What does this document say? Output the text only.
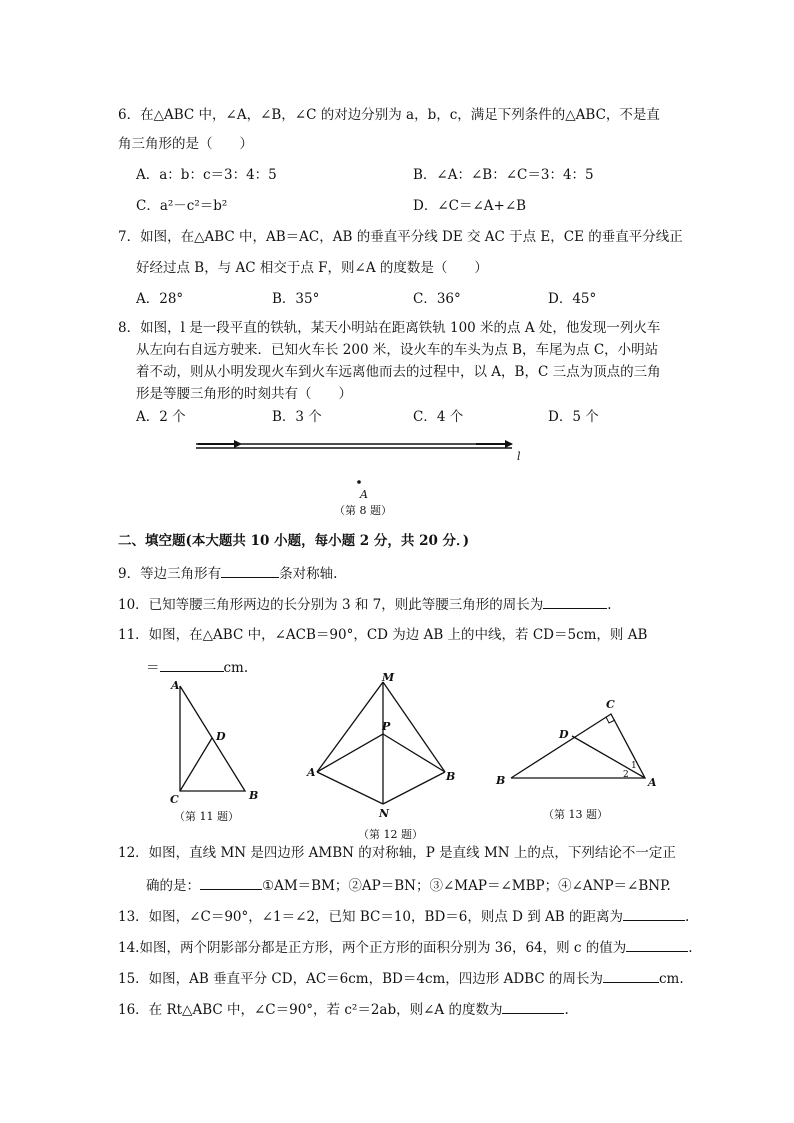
6．在△ABC 中，∠A，∠B，∠C 的对边分别为 a，b，c，满足下列条件的△ABC，不是直
角三角形的是（　　）
A．a：b：c＝3：4：5	B．∠A：∠B：∠C＝3：4：5
C．a²－c²＝b²	D．∠C＝∠A+∠B
7．如图，在△ABC 中，AB＝AC，AB 的垂直平分线 DE 交 AC 于点 E，CE 的垂直平分线正
好经过点 B，与 AC 相交于点 F，则∠A 的度数是（　　）
A．28°	B．35°	C．36°	D．45°
8．如图，l 是一段平直的铁轨，某天小明站在距离铁轨 100 米的点 A 处，他发现一列火车
从左向右自远方驶来．已知火车长 200 米，设火车的车头为点 B，车尾为点 C，小明站
着不动，则从小明发现火车到火车远离他而去的过程中，以 A，B，C 三点为顶点的三角
形是等腰三角形的时刻共有（　　）
A．2 个	B．3 个	C．4 个	D．5 个
l
A
（第 8 题）
二、填空题(本大题共 10 小题，每小题 2 分，共 20 分．)
9．等边三角形有	条对称轴.
10．已知等腰三角形两边的长分别为 3 和 7，则此等腰三角形的周长为	.
11．如图，在△ABC 中，∠ACB＝90°，CD 为边 AB 上的中线，若 CD＝5cm，则 AB
＝	cm.
A
D
C	B
（第 11 题）
M
P
A	B
N
（第 12 题）
C
D
B	A
1
2
（第 13 题）
12．如图，直线 MN 是四边形 AMBN 的对称轴，P 是直线 MN 上的点，下列结论不一定正
确的是：	①AM＝BM；②AP＝BN；③∠MAP＝∠MBP；④∠ANP＝∠BNP.
13．如图，∠C＝90°，∠1＝∠2，已知 BC＝10，BD＝6，则点 D 到 AB 的距离为	.
14.如图，两个阴影部分都是正方形，两个正方形的面积分别为 36，64，则 c 的值为	.
15．如图，AB 垂直平分 CD，AC＝6cm，BD＝4cm，四边形 ADBC 的周长为	cm.
16．在 Rt△ABC 中，∠C＝90°，若 c²＝2ab，则∠A 的度数为	.
